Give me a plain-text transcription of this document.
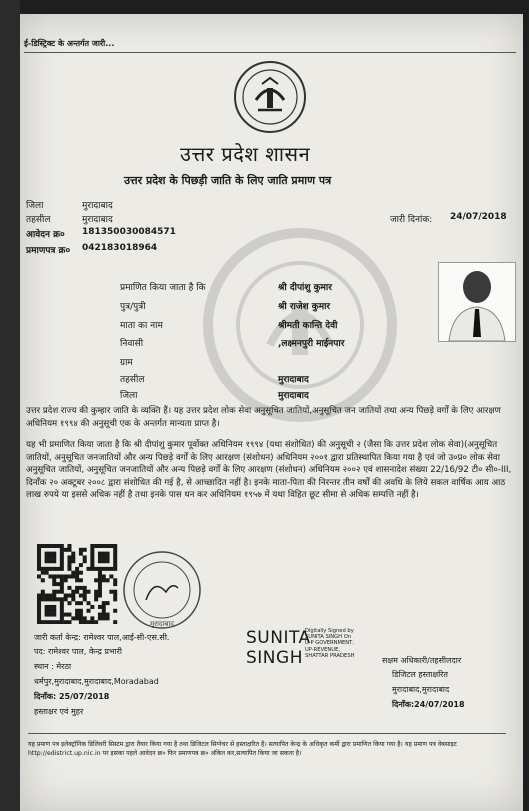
ई-डिस्ट्रिक्ट के अन्तर्गत जारी...
उत्तर प्रदेश शासन
उत्तर प्रदेश के पिछड़ी जाति के लिए जाति प्रमाण पत्र
जिला	मुरादाबाद
तहसील	मुरादाबाद	जारी दिनांक: 24/07/2018
आवेदन क्र० 181350030084571
प्रमाणपत्र क्र० 042183018964
प्रमाणित किया जाता है कि	श्री दीपांशु कुमार
पुत्र/पुत्री	श्री राजेश कुमार
माता का नाम	श्रीमती कान्ति देवी
निवासी	,लक्ष्मनपुरी माईनपार
ग्राम
तहसील	मुरादाबाद
जिला	मुरादाबाद
उत्तर प्रदेश राज्य की कुम्हार जाति के व्यक्ति हैं। यह उत्तर प्रदेश लोक सेवा अनुसूचित जातियों,अनुसूचित जन जातियों तथा अन्य पिछड़े वर्गों के लिए आरक्षण अधिनियम १९९४ की अनुसूची एक के अन्तर्गत मान्यता प्राप्त है।
यह भी प्रमाणित किया जाता है कि श्री दीपांशु कुमार पूर्वोक्त अधिनियम १९९४ (यथा संशोधित) की अनुसूची २ (जैसा कि उत्तर प्रदेश लोक सेवा)(अनुसूचित जातियों, अनुसूचित जनजातियों और अन्य पिछड़े वर्गों के लिए आरक्षण (संशोधन) अधिनियम २००१ द्वारा प्रतिस्थापित किया गया है एवं जो उ०प्र० लोक सेवा अनुसूचित जातियों, अनुसूचित जनजातियों और अन्य पिछड़े वर्गों के लिए आरक्षण (संशोधन) अधिनियम २००२ एवं शासनादेश संख्या 22/16/92 टी० सी०-III, दिनाँक २० अक्टूबर २००८ द्वारा संशोधित की गई है, से आच्छादित नहीं है। इनके माता-पिता की निरन्तर तीन वर्षों की अवधि के लिये सकल वार्षिक आय आठ लाख रुपये या इससे अधिक नहीं है तथा इनके पास धन कर अधिनियम १९५७ में यथा विहित छूट सीमा से अधिक सम्पत्ति नहीं है।
मुरादाबाद
जारी कर्ता केन्द्र: रामेश्वर पाल,आई-सी-एस.सी.
पद: रामेश्वर पाल, केन्द्र प्रभारी
स्थान : मेरठा
धर्मपुर,मुरादाबाद,मुरादाबाद,Moradabad
दिनाँक: 25/07/2018
हस्ताक्षर एवं मुहर
SUNITA
SINGH
Digitally Signed by
SUNITA SINGH On
U P GOVERNMENT,
UP-REVENUE,
SHATTAR PRADESH
सक्षम अधिकारी/तहसीलदार
डिजिटल हस्ताक्षरित
मुरादाबाद,मुरादाबाद
दिनाँक:24/07/2018
यह प्रमाण पत्र इलेक्ट्रॉनिक डिलिवरी सिस्टम द्वारा तैयार किया गया है तथा डिजिटल सिग्नेचर से हस्ताक्षरित है। सत्यापित केन्द्र के अधिकृत कर्मी द्वारा प्रमाणित किया गया है। यह प्रमाण पत्र वेबसाइट http://edistrict.up.nic.in पर इसका पहले आवेदन क्र० फिर प्रमाणपत्र क्र० अंकित कर,सत्यापित किया जा सकता है।
